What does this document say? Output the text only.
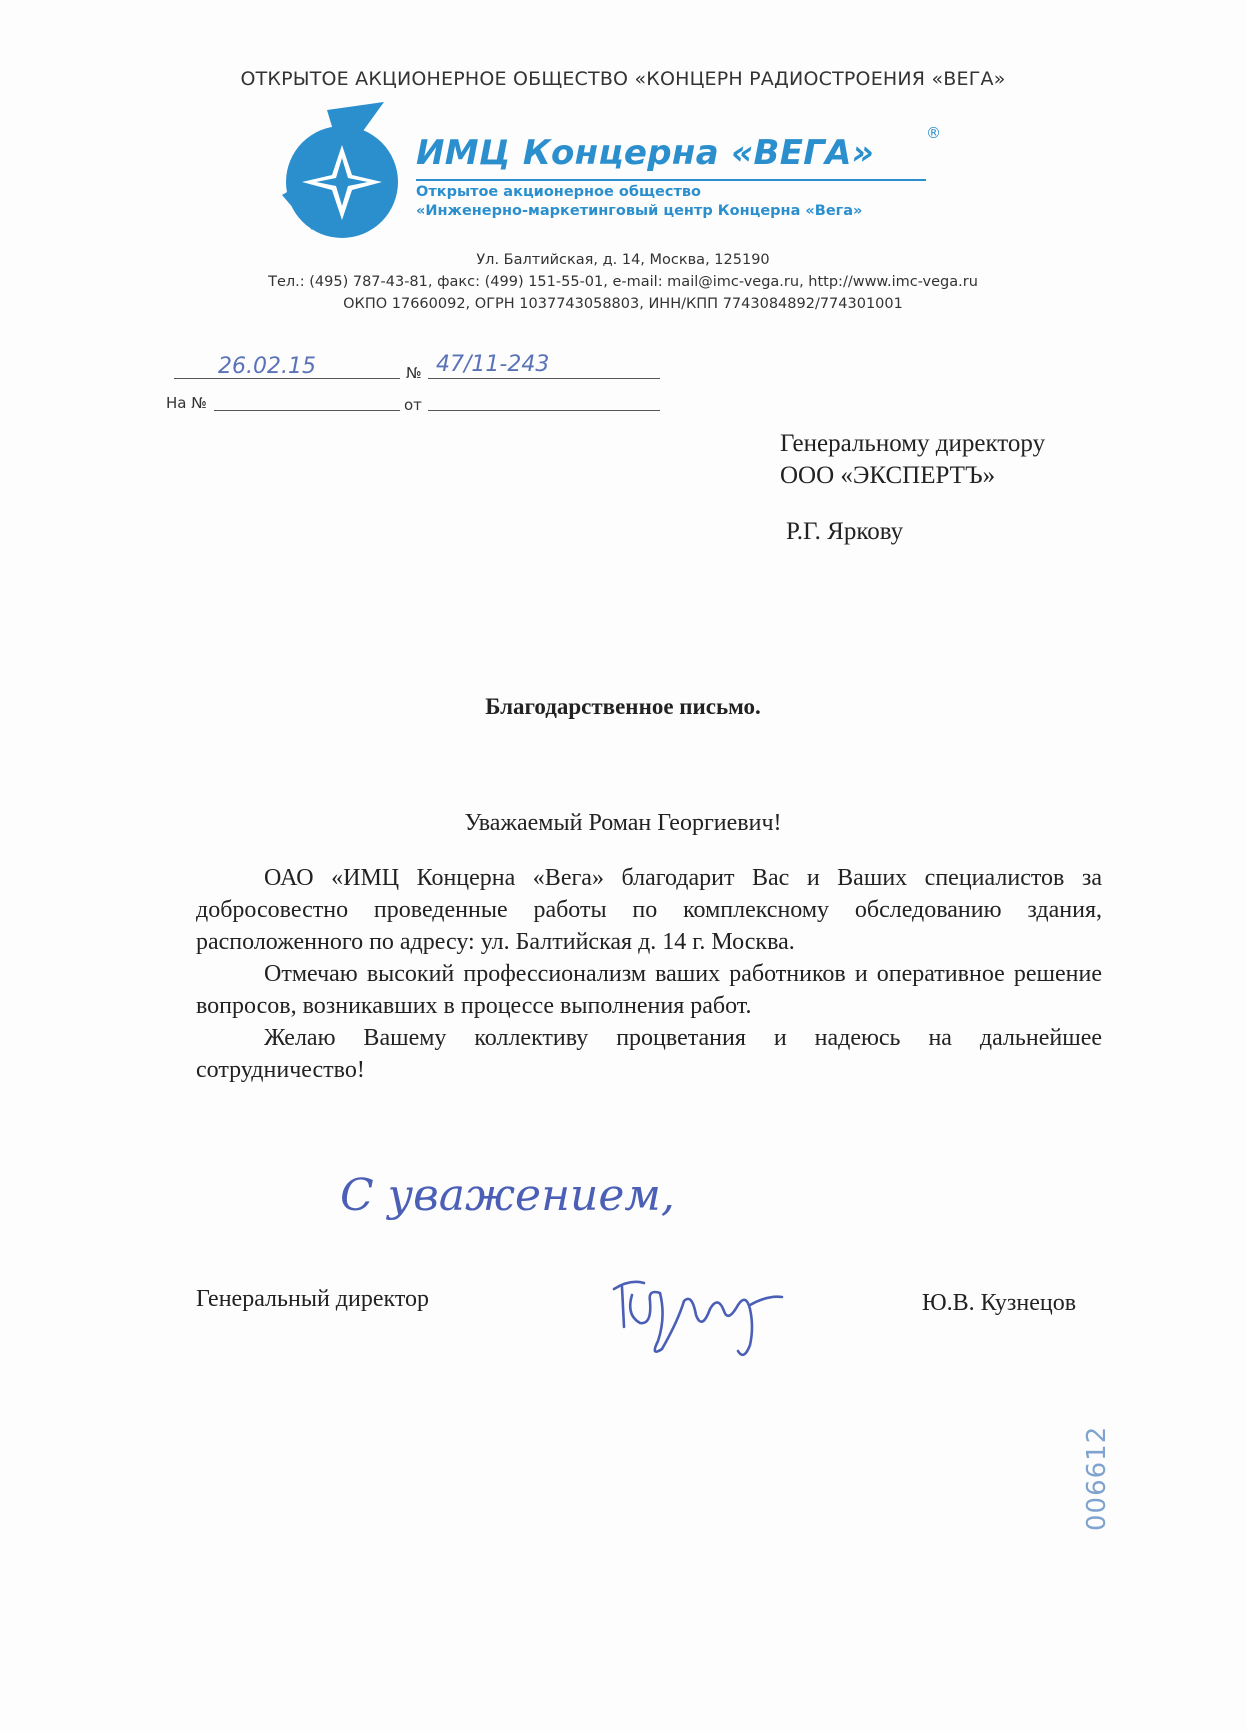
ОТКРЫТОЕ АКЦИОНЕРНОЕ ОБЩЕСТВО «КОНЦЕРН РАДИОСТРОЕНИЯ «ВЕГА»
ИМЦ Концерна «ВЕГА»	®
Открытое акционерное общество
«Инженерно-маркетинговый центр Концерна «Вега»
Ул. Балтийская, д. 14, Москва, 125190
Тел.: (495) 787-43-81, факс: (499) 151-55-01, e-mail: mail@imc-vega.ru, http://www.imc-vega.ru
ОКПО 17660092, ОГРН 1037743058803, ИНН/КПП 7743084892/774301001
26.02.15	№ 47/11-243
На №	от
Генеральному директору
ООО «ЭКСПЕРТЪ»
Р.Г. Яркову
Благодарственное письмо.
Уважаемый Роман Георгиевич!
ОАО «ИМЦ Концерна «Вега» благодарит Вас и Ваших специалистов за добросовестно проведенные работы по комплексному обследованию здания, расположенного по адресу: ул. Балтийская д. 14 г. Москва.
Отмечаю высокий профессионализм ваших работников и оперативное решение вопросов, возникавших в процессе выполнения работ.
Желаю Вашему коллективу процветания и надеюсь на дальнейшее сотрудничество!
С уважением,
Генеральный директор	Ю.В. Кузнецов
006612
